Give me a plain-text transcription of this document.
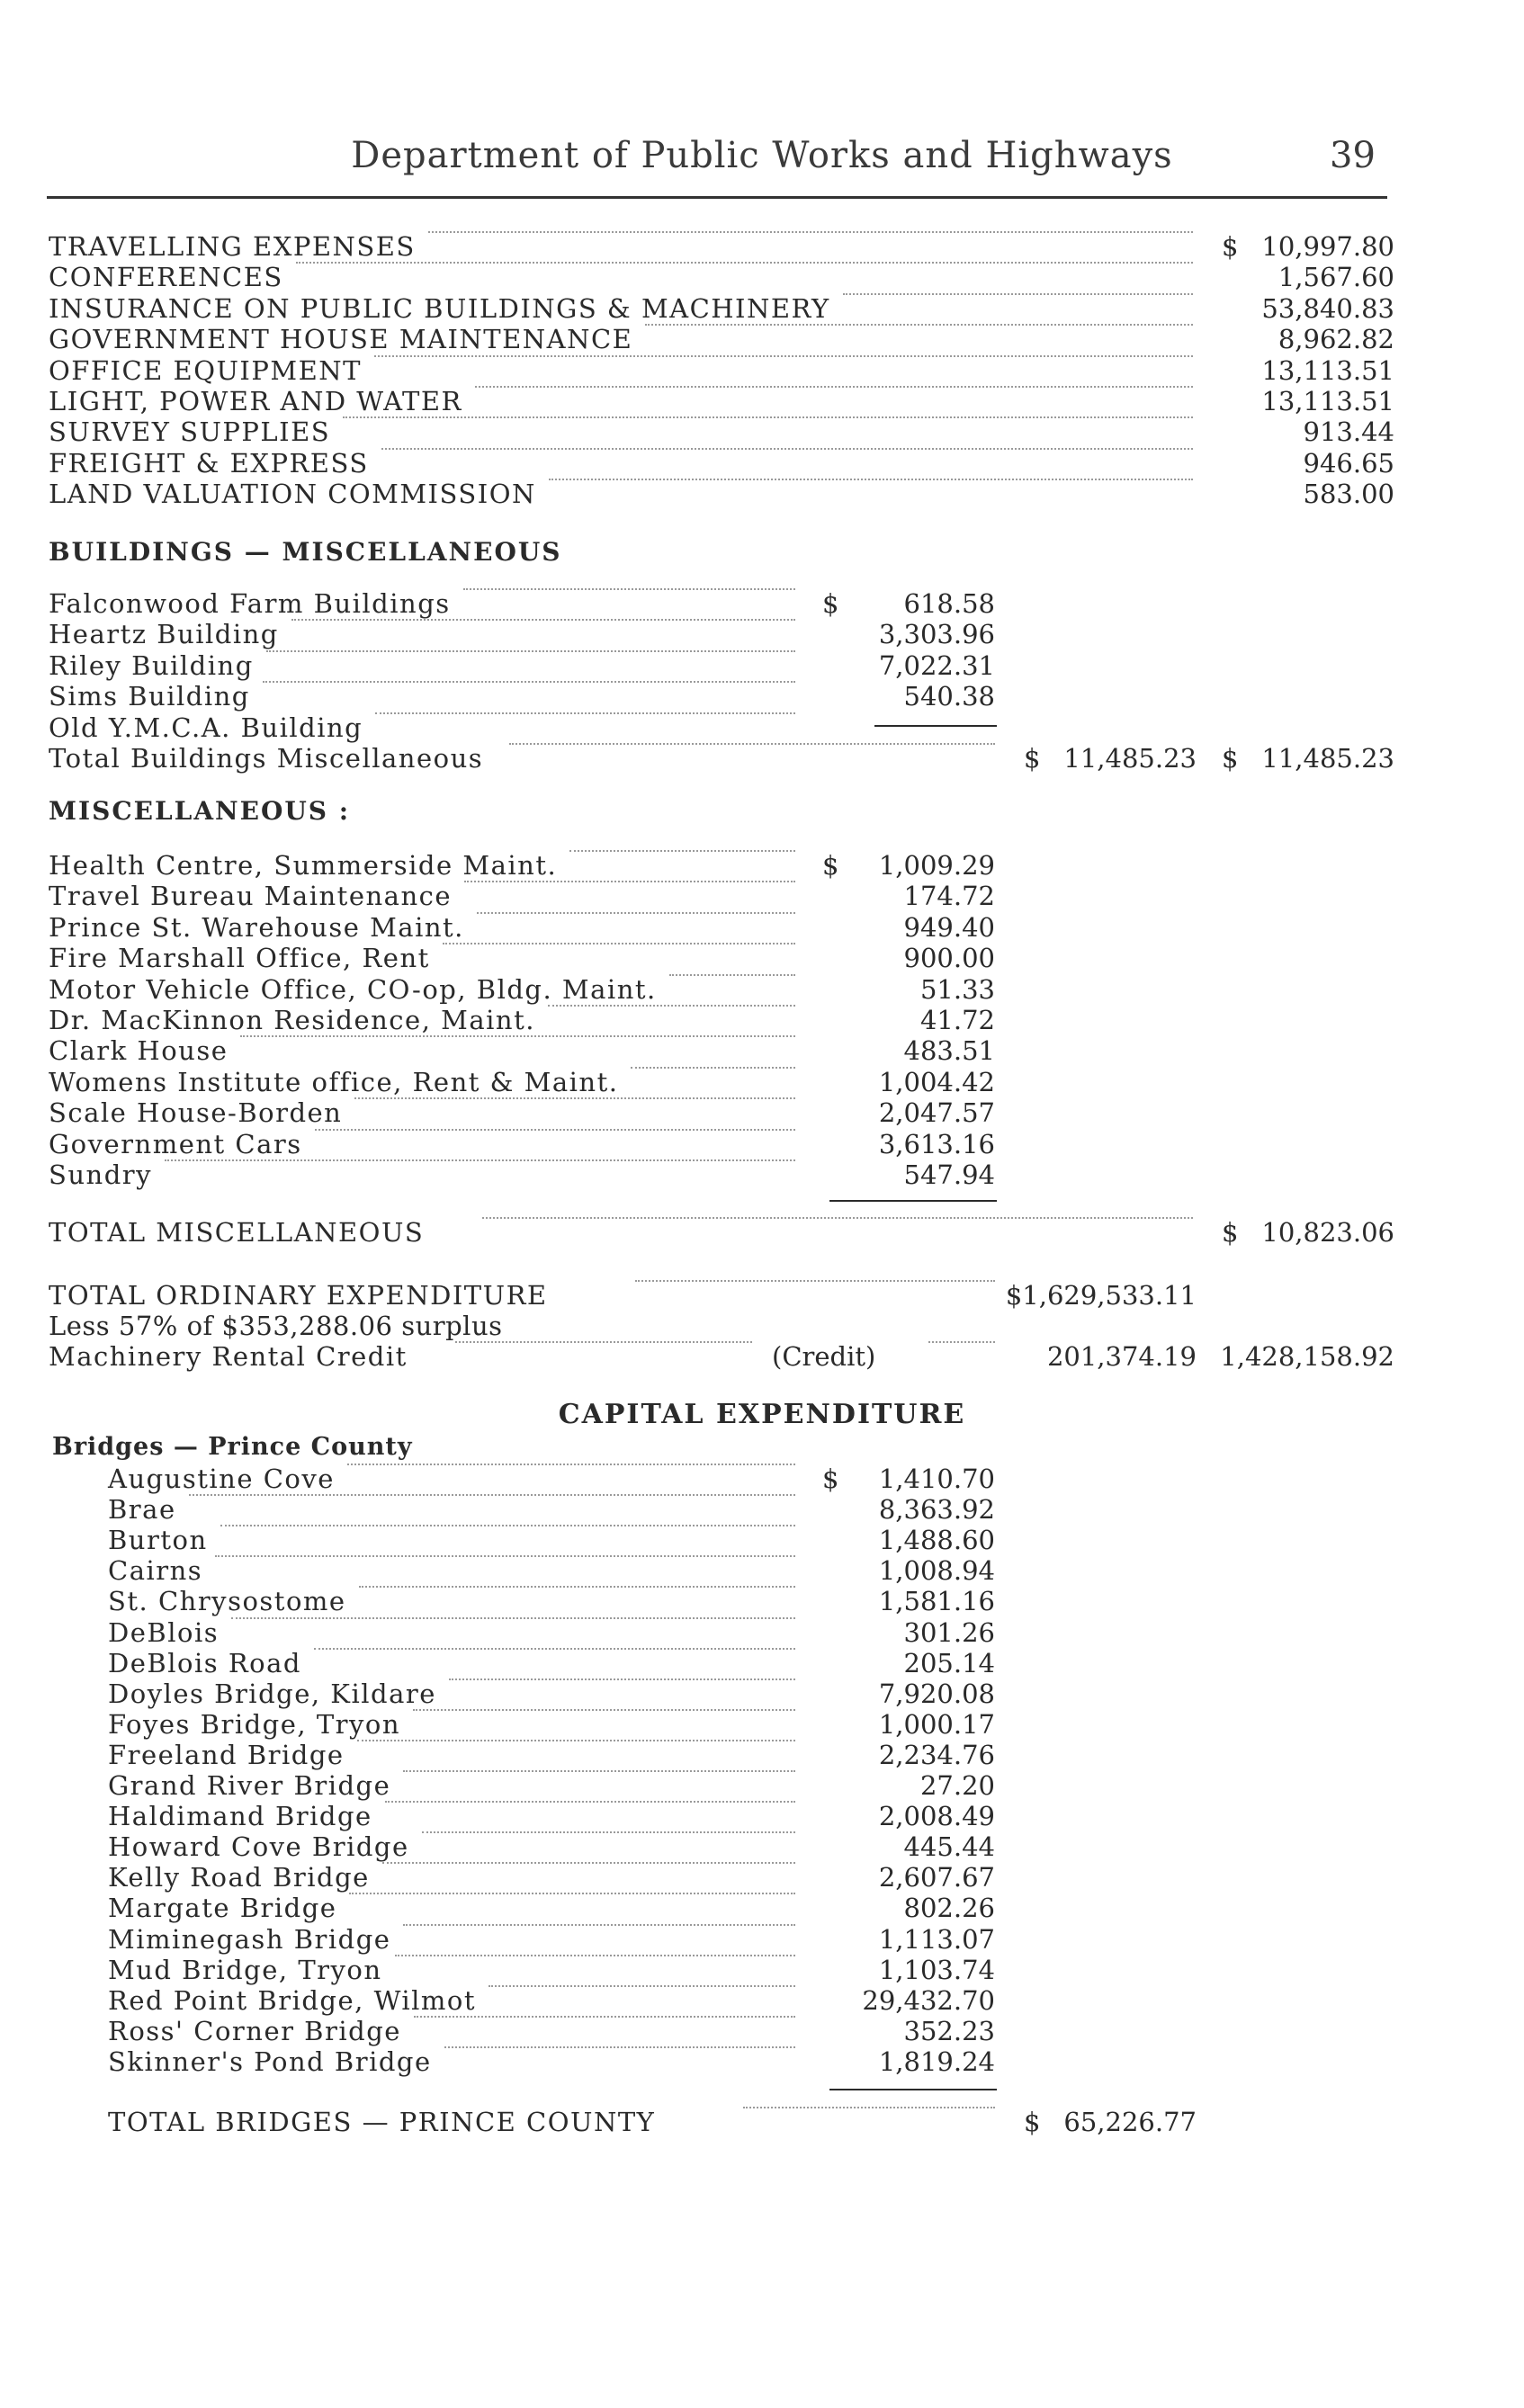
Department of Public Works and Highways	39
TRAVELLING EXPENSES	$ 10,997.80
CONFERENCES	1,567.60
INSURANCE ON PUBLIC BUILDINGS & MACHINERY	53,840.83
GOVERNMENT HOUSE MAINTENANCE	8,962.82
OFFICE EQUIPMENT	13,113.51
LIGHT, POWER AND WATER	13,113.51
SURVEY SUPPLIES	913.44
FREIGHT & EXPRESS	946.65
LAND VALUATION COMMISSION	583.00
BUILDINGS — MISCELLANEOUS
Falconwood Farm Buildings	$ 618.58
Heartz Building	3,303.96
Riley Building	7,022.31
Sims Building	540.38
Old Y.M.C.A. Building
Total Buildings Miscellaneous	$ 11,485.23 $ 11,485.23
MISCELLANEOUS :
Health Centre, Summerside Maint.	$ 1,009.29
Travel Bureau Maintenance	174.72
Prince St. Warehouse Maint.	949.40
Fire Marshall Office, Rent	900.00
Motor Vehicle Office, CO-op, Bldg. Maint.	51.33
Dr. MacKinnon Residence, Maint.	41.72
Clark House	483.51
Womens Institute office, Rent & Maint.	1,004.42
Scale House-Borden	2,047.57
Government Cars	3,613.16
Sundry	547.94
TOTAL MISCELLANEOUS	$ 10,823.06
TOTAL ORDINARY EXPENDITURE	$1,629,533.11
Less 57% of $353,288.06 surplus
Machinery Rental Credit	(Credit)	201,374.19 1,428,158.92
CAPITAL EXPENDITURE
Bridges — Prince County
Augustine Cove	$ 1,410.70
Brae	8,363.92
Burton	1,488.60
Cairns	1,008.94
St. Chrysostome	1,581.16
DeBlois	301.26
DeBlois Road	205.14
Doyles Bridge, Kildare	7,920.08
Foyes Bridge, Tryon	1,000.17
Freeland Bridge	2,234.76
Grand River Bridge	27.20
Haldimand Bridge	2,008.49
Howard Cove Bridge	445.44
Kelly Road Bridge	2,607.67
Margate Bridge	802.26
Miminegash Bridge	1,113.07
Mud Bridge, Tryon	1,103.74
Red Point Bridge, Wilmot	29,432.70
Ross' Corner Bridge	352.23
Skinner's Pond Bridge	1,819.24
TOTAL BRIDGES — PRINCE COUNTY	$ 65,226.77
